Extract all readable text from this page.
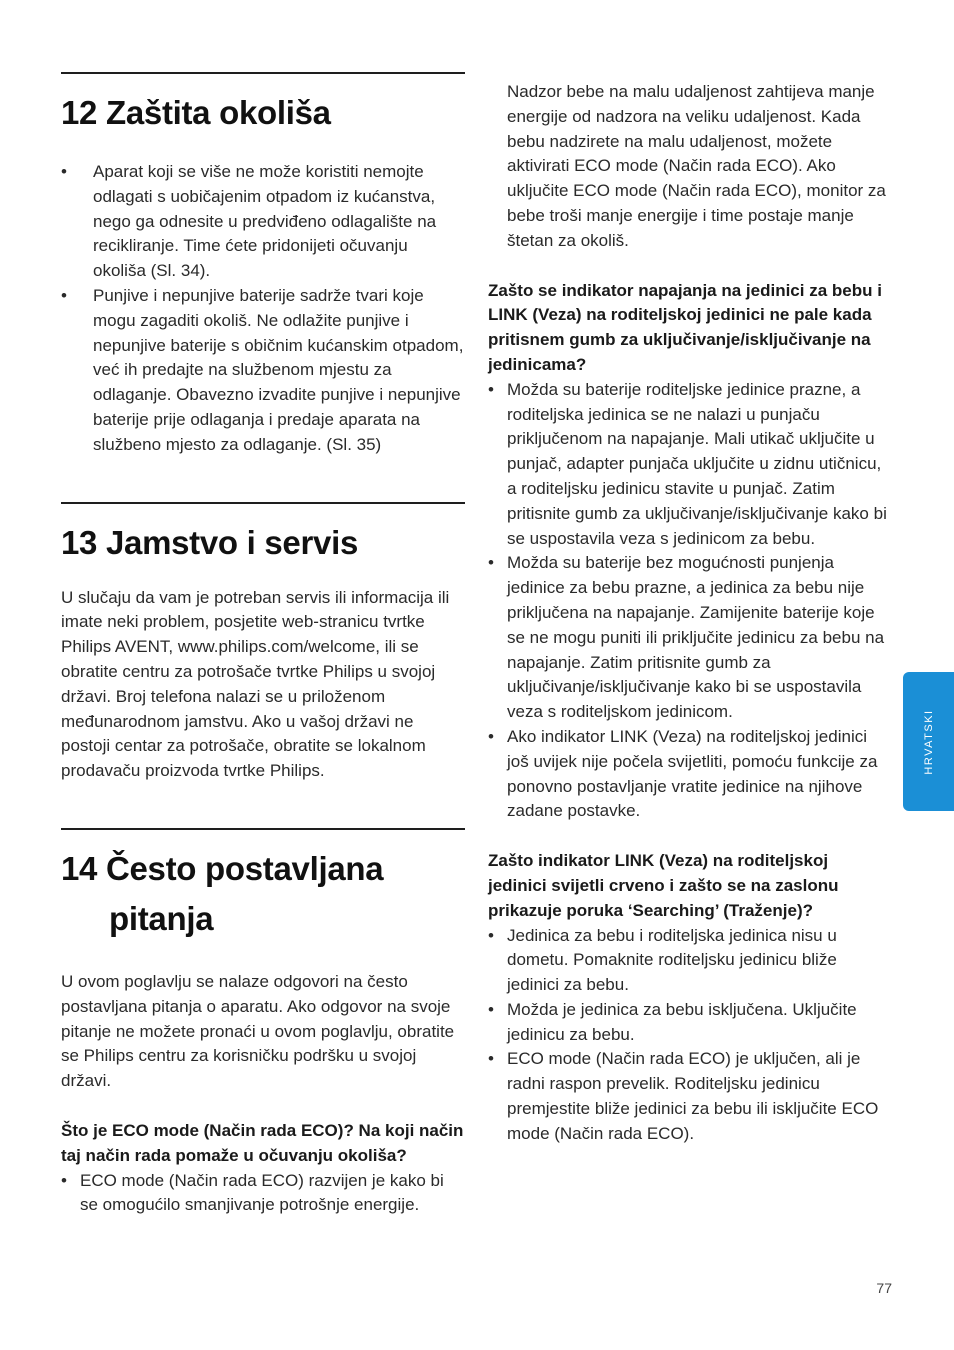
12 Zaštita okoliša
• Aparat koji se više ne može koristiti nemojte odlagati s uobičajenim otpadom iz kućanstva, nego ga odnesite u predviđeno odlagalište na recikliranje. Time ćete pridonijeti očuvanju okoliša (Sl. 34).
• Punjive i nepunjive baterije sadrže tvari koje mogu zagaditi okoliš. Ne odlažite punjive i nepunjive baterije s običnim kućanskim otpadom, već ih predajte na službenom mjestu za odlaganje. Obavezno izvadite punjive i nepunjive baterije prije odlaganja i predaje aparata na službeno mjesto za odlaganje. (Sl. 35)
13 Jamstvo i servis

U slučaju da vam je potreban servis ili informacija ili imate neki problem, posjetite web-stranicu tvrtke Philips AVENT, www.philips.com/welcome, ili se obratite centru za potrošače tvrtke Philips u svojoj državi. Broj telefona nalazi se u priloženom međunarodnom jamstvu. Ako u vašoj državi ne postoji centar za potrošače, obratite se lokalnom prodavaču proizvoda tvrtke Philips.

14 Često postavljana
pitanja

U ovom poglavlju se nalaze odgovori na često postavljana pitanja o aparatu. Ako odgovor na svoje pitanje ne možete pronaći u ovom poglavlju, obratite se Philips centru za korisničku podršku u svojoj državi.

Što je ECO mode (Način rada ECO)? Na koji način taj način rada pomaže u očuvanju okoliša?

• ECO mode (Način rada ECO) razvijen je kako bi se omogućilo smanjivanje potrošnje energije.

Nadzor bebe na malu udaljenost zahtijeva manje energije od nadzora na veliku udaljenost. Kada bebu nadzirete na malu udaljenost, možete aktivirati ECO mode (Način rada ECO). Ako uključite ECO mode (Način rada ECO), monitor za bebe troši manje energije i time postaje manje štetan za okoliš.

Zašto se indikator napajanja na jedinici za bebu i LINK (Veza) na roditeljskoj jedinici ne pale kada pritisnem gumb za uključivanje/isključivanje na jedinicama?

• Možda su baterije roditeljske jedinice prazne, a roditeljska jedinica se ne nalazi u punjaču priključenom na napajanje. Mali utikač uključite u punjač, adapter punjača uključite u zidnu utičnicu, a roditeljsku jedinicu stavite u punjač. Zatim pritisnite gumb za uključivanje/isključivanje kako bi se uspostavila veza s jedinicom za bebu.
• Možda su baterije bez mogućnosti punjenja jedinice za bebu prazne, a jedinica za bebu nije priključena na napajanje. Zamijenite baterije koje se ne mogu puniti ili priključite jedinicu za bebu na napajanje. Zatim pritisnite gumb za uključivanje/isključivanje kako bi se uspostavila veza s roditeljskom jedinicom.
• Ako indikator LINK (Veza) na roditeljskoj jedinici još uvijek nije počela svijetliti, pomoću funkcije za ponovno postavljanje vratite jedinice na njihove zadane postavke.

Zašto indikator LINK (Veza) na roditeljskoj jedinici svijetli crveno i zašto se na zaslonu prikazuje poruka ‘Searching’ (Traženje)?

• Jedinica za bebu i roditeljska jedinica nisu u dometu. Pomaknite roditeljsku jedinicu bliže jedinici za bebu.
• Možda je jedinica za bebu isključena. Uključite jedinicu za bebu.
• ECO mode (Način rada ECO) je uključen, ali je radni raspon prevelik. Roditeljsku jedinicu premjestite bliže jedinici za bebu ili isključite ECO mode (Način rada ECO).
HRVATSKI
77
